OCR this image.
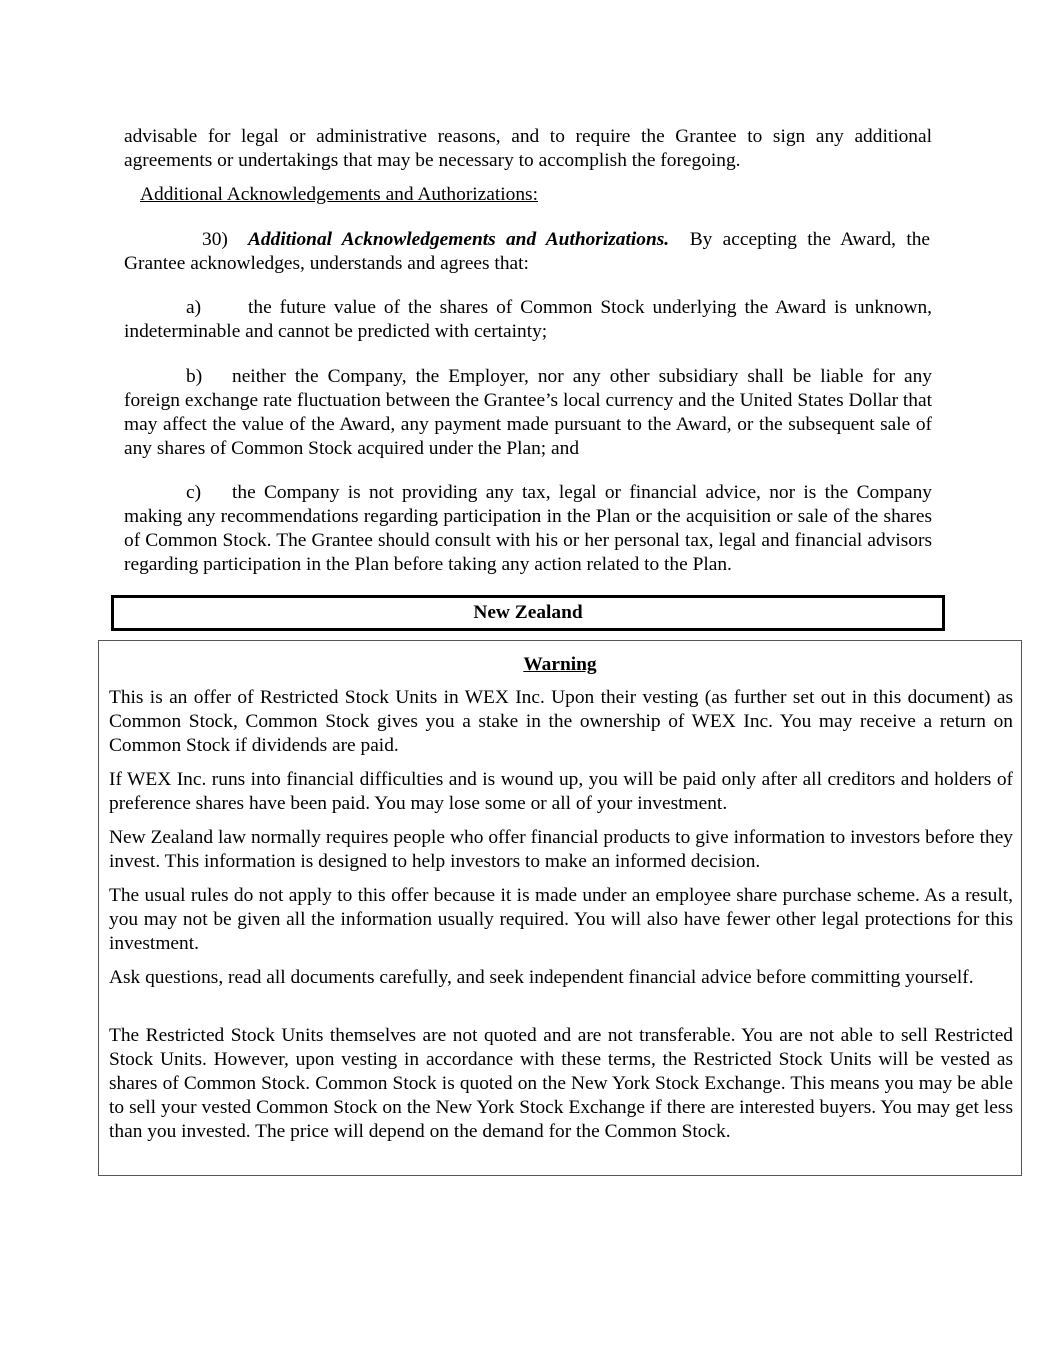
advisable for legal or administrative reasons, and to require the Grantee to sign any additional agreements or undertakings that may be necessary to accomplish the foregoing.

Additional Acknowledgements and Authorizations:

30) Additional Acknowledgements and Authorizations. By accepting the Award, the Grantee acknowledges, understands and agrees that:

a) the future value of the shares of Common Stock underlying the Award is unknown, indeterminable and cannot be predicted with certainty;

b) neither the Company, the Employer, nor any other subsidiary shall be liable for any foreign exchange rate fluctuation between the Grantee’s local currency and the United States Dollar that may affect the value of the Award, any payment made pursuant to the Award, or the subsequent sale of any shares of Common Stock acquired under the Plan; and

c) the Company is not providing any tax, legal or financial advice, nor is the Company making any recommendations regarding participation in the Plan or the acquisition or sale of the shares of Common Stock. The Grantee should consult with his or her personal tax, legal and financial advisors regarding participation in the Plan before taking any action related to the Plan.

New Zealand
Warning

This is an offer of Restricted Stock Units in WEX Inc. Upon their vesting (as further set out in this document) as Common Stock, Common Stock gives you a stake in the ownership of WEX Inc. You may receive a return on Common Stock if dividends are paid.

If WEX Inc. runs into financial difficulties and is wound up, you will be paid only after all creditors and holders of preference shares have been paid. You may lose some or all of your investment.

New Zealand law normally requires people who offer financial products to give information to investors before they invest. This information is designed to help investors to make an informed decision.

The usual rules do not apply to this offer because it is made under an employee share purchase scheme. As a result, you may not be given all the information usually required. You will also have fewer other legal protections for this investment.

Ask questions, read all documents carefully, and seek independent financial advice before committing yourself.

The Restricted Stock Units themselves are not quoted and are not transferable. You are not able to sell Restricted Stock Units. However, upon vesting in accordance with these terms, the Restricted Stock Units will be vested as shares of Common Stock. Common Stock is quoted on the New York Stock Exchange. This means you may be able to sell your vested Common Stock on the New York Stock Exchange if there are interested buyers. You may get less than you invested. The price will depend on the demand for the Common Stock.
